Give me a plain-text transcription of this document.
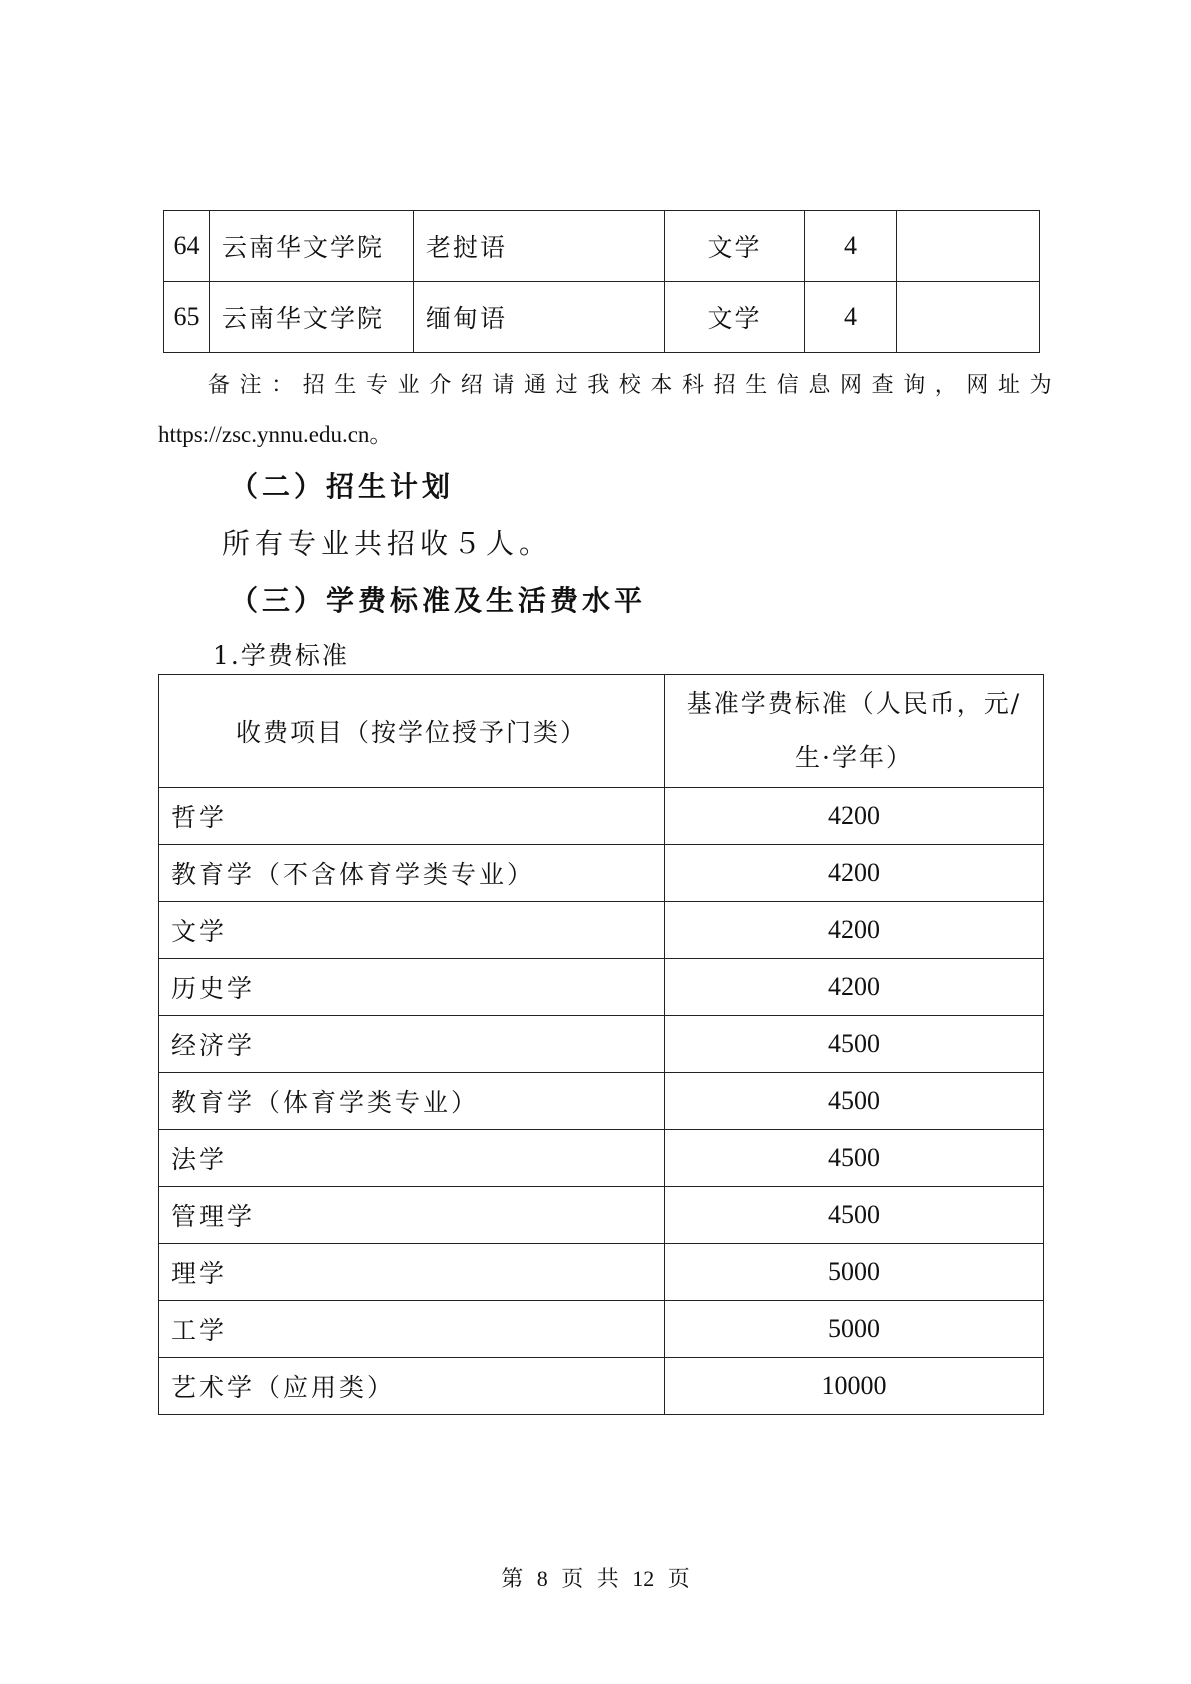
64	云南华文学院	老挝语	文学	4	
65	云南华文学院	缅甸语	文学	4	
备注：招生专业介绍请通过我校本科招生信息网查询，网址为
https://zsc.ynnu.edu.cn。
（二）招生计划
所有专业共招收５人。
（三）学费标准及生活费水平
1.学费标准
收费项目（按学位授予门类）	基准学费标准（人民币，元/
生·学年）

哲学	4200
教育学（不含体育学类专业）	4200
文学	4200
历史学	4200
经济学	4500
教育学（体育学类专业）	4500
法学	4500
管理学	4500
理学	5000
工学	5000
艺术学（应用类）	10000
第 8 页 共 12 页
